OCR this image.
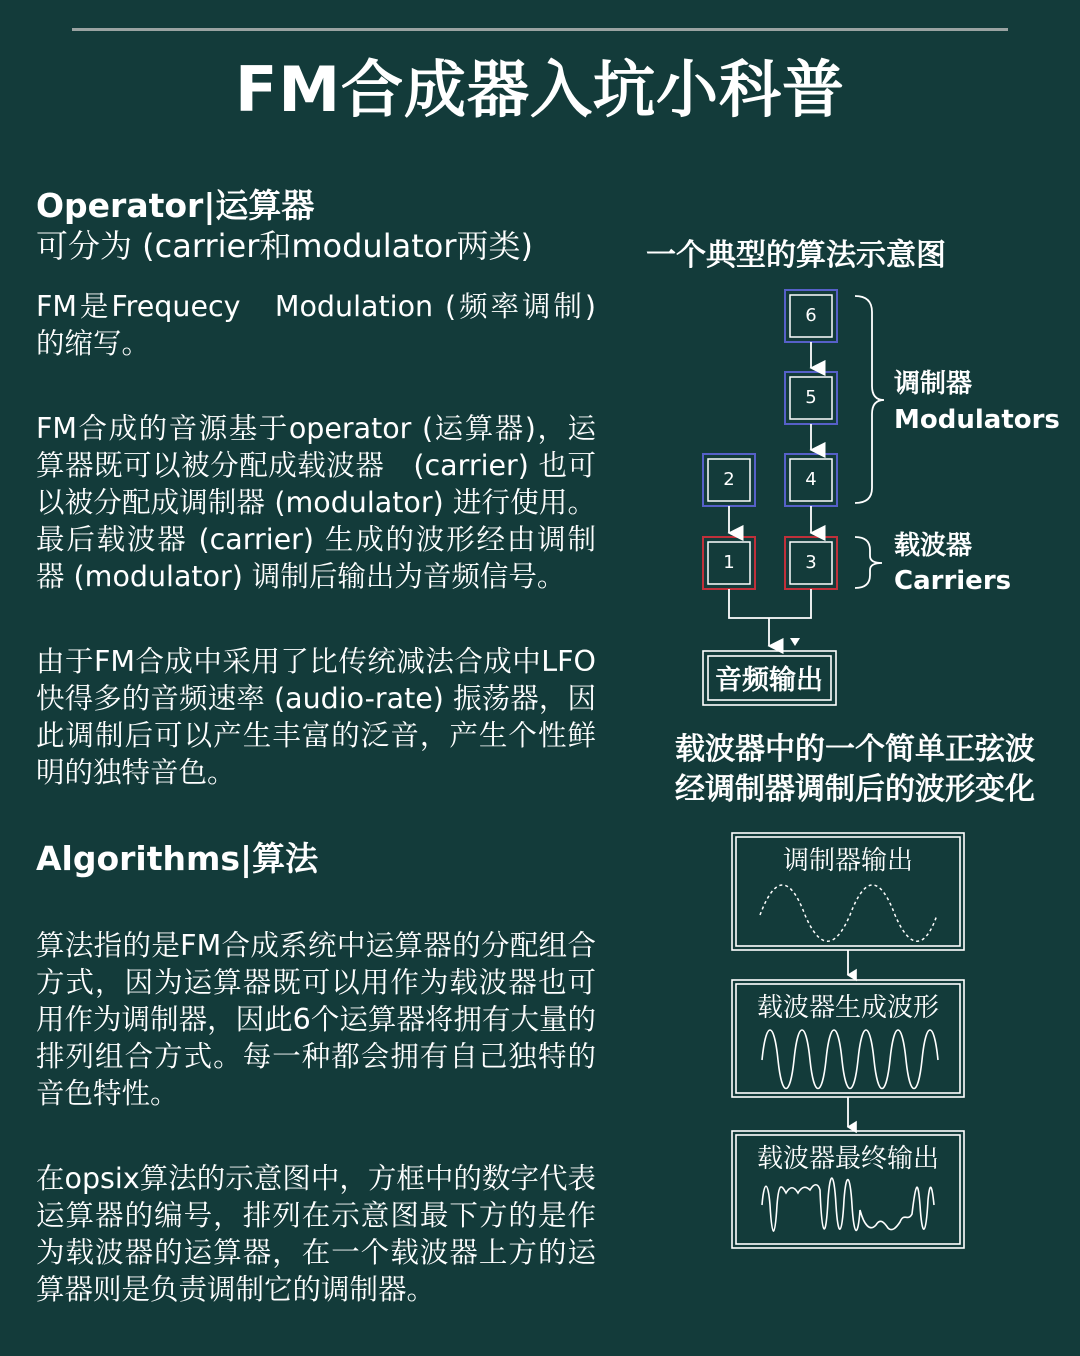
FM合成器入坑小科普

Operator|运算器

可分为 (carrier和modulator两类)

FM是Frequecy　Modulation (频率调制) 的缩写。

FM合成的音源基于operator (运算器)，运算器既可以被分配成载波器　(carrier) 也可以被分配成调制器 (modulator) 进行使用。最后载波器 (carrier) 生成的波形经由调制器 (modulator) 调制后输出为音频信号。

由于FM合成中采用了比传统减法合成中LFO快得多的音频速率 (audio-rate) 振荡器，因此调制后可以产生丰富的泛音，产生个性鲜明的独特音色。

Algorithms|算法

算法指的是FM合成系统中运算器的分配组合方式，因为运算器既可以用作为载波器也可用作为调制器，因此6个运算器将拥有大量的排列组合方式。每一种都会拥有自己独特的音色特性。

在opsix算法的示意图中，方框中的数字代表运算器的编号，排列在示意图最下方的是作为载波器的运算器，在一个载波器上方的运算器则是负责调制它的调制器。

一个典型的算法示意图
载波器中的一个简单正弦波
经调制器调制后的波形变化
6
5
4
2
1	3
音频输出
调制器
Modulators
载波器
Carriers
调制器输出
载波器生成波形
载波器最终输出
